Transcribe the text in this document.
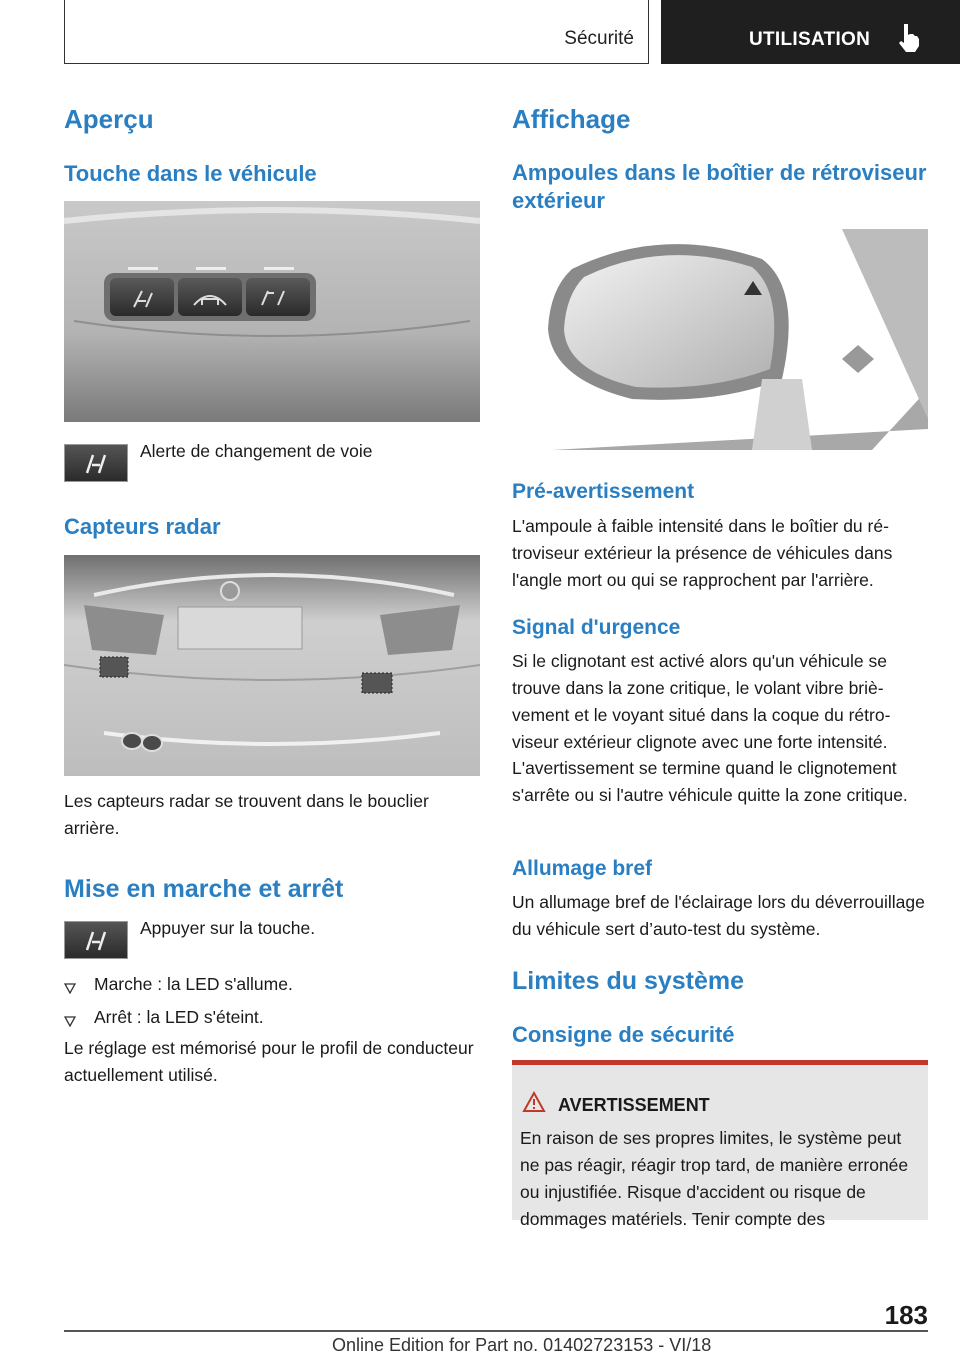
Sécurité	UTILISATION
Aperçu
Touche dans le véhicule
Alerte de changement de voie
Capteurs radar

Les capteurs radar se trouvent dans le bouclier arrière.

Mise en marche et arrêt
Appuyer sur la touche.
Marche : la LED s'allume.
Arrêt : la LED s'éteint.

Le réglage est mémorisé pour le profil de conducteur actuellement utilisé.

Affichage
Ampoules dans le boîtier de rétroviseur extérieur
Pré-avertissement

L'ampoule à faible intensité dans le boîtier du rétroviseur extérieur la présence de véhicules dans l'angle mort ou qui se rapprochent par l'arrière.

Signal d'urgence

Si le clignotant est activé alors qu'un véhicule se trouve dans la zone critique, le volant vibre brièvement et le voyant situé dans la coque du rétroviseur extérieur clignote avec une forte intensité.

L'avertissement se termine quand le clignotement s'arrête ou si l'autre véhicule quitte la zone critique.

Allumage bref

Un allumage bref de l'éclairage lors du déverrouillage du véhicule sert d’auto-test du système.

Limites du système
Consigne de sécurité
AVERTISSEMENT
En raison de ses propres limites, le système peut ne pas réagir, réagir trop tard, de manière erronée ou injustifiée. Risque d'accident ou risque de dommages matériels. Tenir compte des
183
Online Edition for Part no. 01402723153 - VI/18
